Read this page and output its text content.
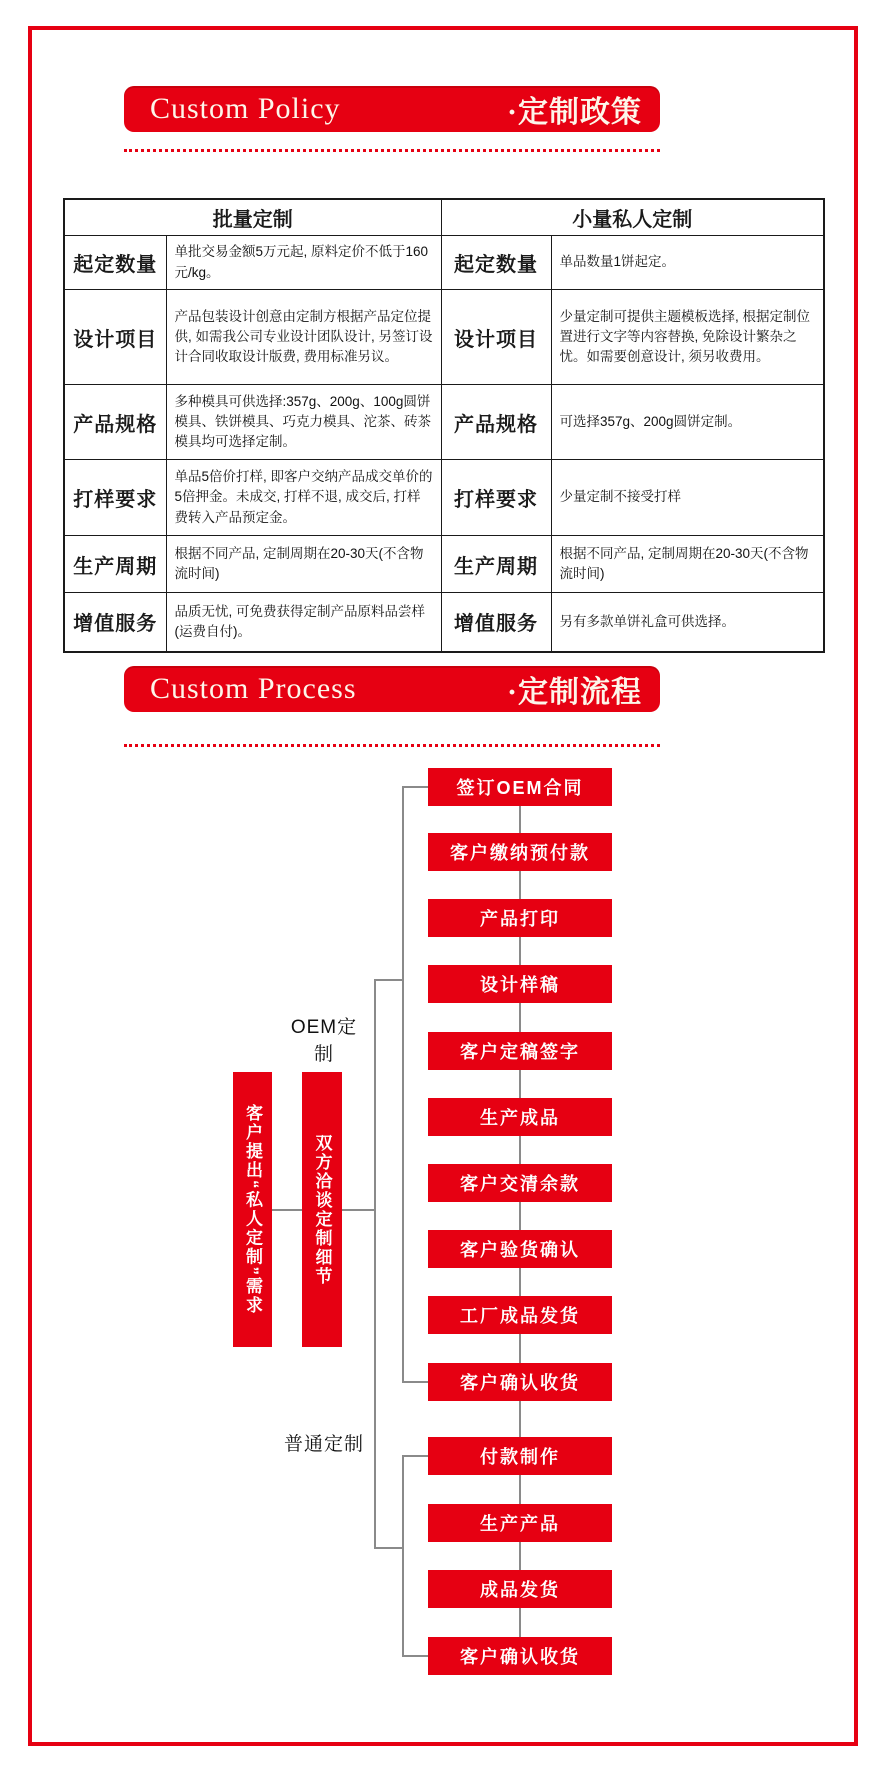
Custom Policy	·定制政策
批量定制		小量私人定制	
起定数量	单批交易金额5万元起, 原料定价不低于160元/kg。	起定数量	单品数量1饼起定。
设计项目	产品包装设计创意由定制方根据产品定位提供, 如需我公司专业设计团队设计, 另签订设计合同收取设计版费, 费用标准另议。	设计项目	少量定制可提供主题模板选择, 根据定制位置进行文字等内容替换, 免除设计繁杂之忧。如需要创意设计, 须另收费用。
产品规格	多种模具可供选择:357g、200g、100g圆饼模具、铁饼模具、巧克力模具、沱茶、砖茶模具均可选择定制。	产品规格	可选择357g、200g圆饼定制。
打样要求	单品5倍价打样, 即客户交纳产品成交单价的5倍押金。未成交, 打样不退, 成交后, 打样费转入产品预定金。	打样要求	少量定制不接受打样
生产周期	根据不同产品, 定制周期在20-30天(不含物流时间)	生产周期	根据不同产品, 定制周期在20-30天(不含物流时间)
增值服务	品质无忧, 可免费获得定制产品原料品尝样(运费自付)。	增值服务	另有多款单饼礼盒可供选择。
Custom Process	·定制流程
客户提出“私人定制”需求	双方洽谈定制细节
OEM定制
普通定制
签订OEM合同
客户缴纳预付款
产品打印
设计样稿
客户定稿签字
生产成品
客户交清余款
客户验货确认
工厂成品发货
客户确认收货
付款制作
生产产品
成品发货
客户确认收货
